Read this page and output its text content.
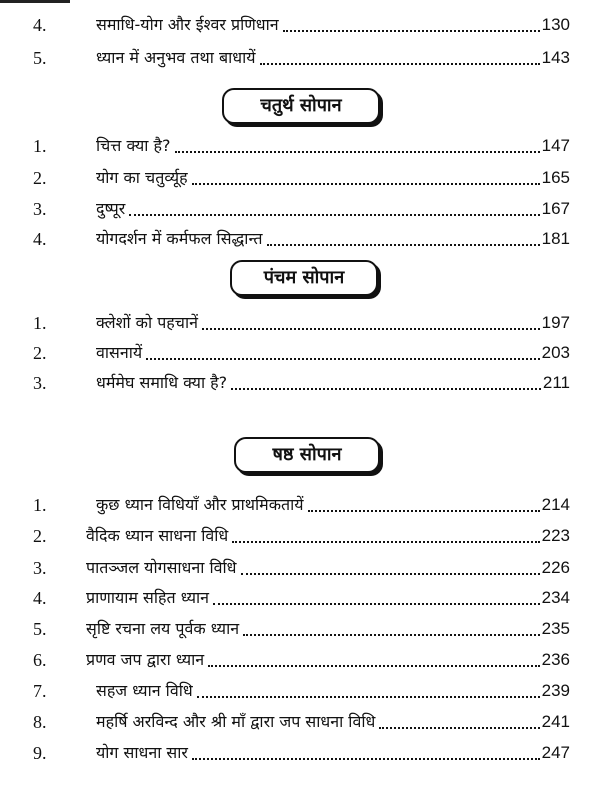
चतुर्थ सोपान
पंचम सोपान
षष्ठ सोपान
4.	समाधि-योग और ईश्वर प्रणिधान	130
5.	ध्यान में अनुभव तथा बाधायें	143
1.	चित्त क्या है?	147
2.	योग का चतुर्व्यूह	165
3.	दुष्पूर	167
4.	योगदर्शन में कर्मफल सिद्धान्त	181
1.	क्लेशों को पहचानें	197
2.	वासनायें	203
3.	धर्ममेघ समाधि क्या है?	211
1.	कुछ ध्यान विधियाँ और प्राथमिकतायें	214
2. वैदिक ध्यान साधना विधि	223
3. पातञ्जल योगसाधना विधि	226
4. प्राणायाम सहित ध्यान	234
5. सृष्टि रचना लय पूर्वक ध्यान	235
6. प्रणव जप द्वारा ध्यान	236
7.	सहज ध्यान विधि	239
8.	महर्षि अरविन्द और श्री माँ द्वारा जप साधना विधि	241
9.	योग साधना सार	247
